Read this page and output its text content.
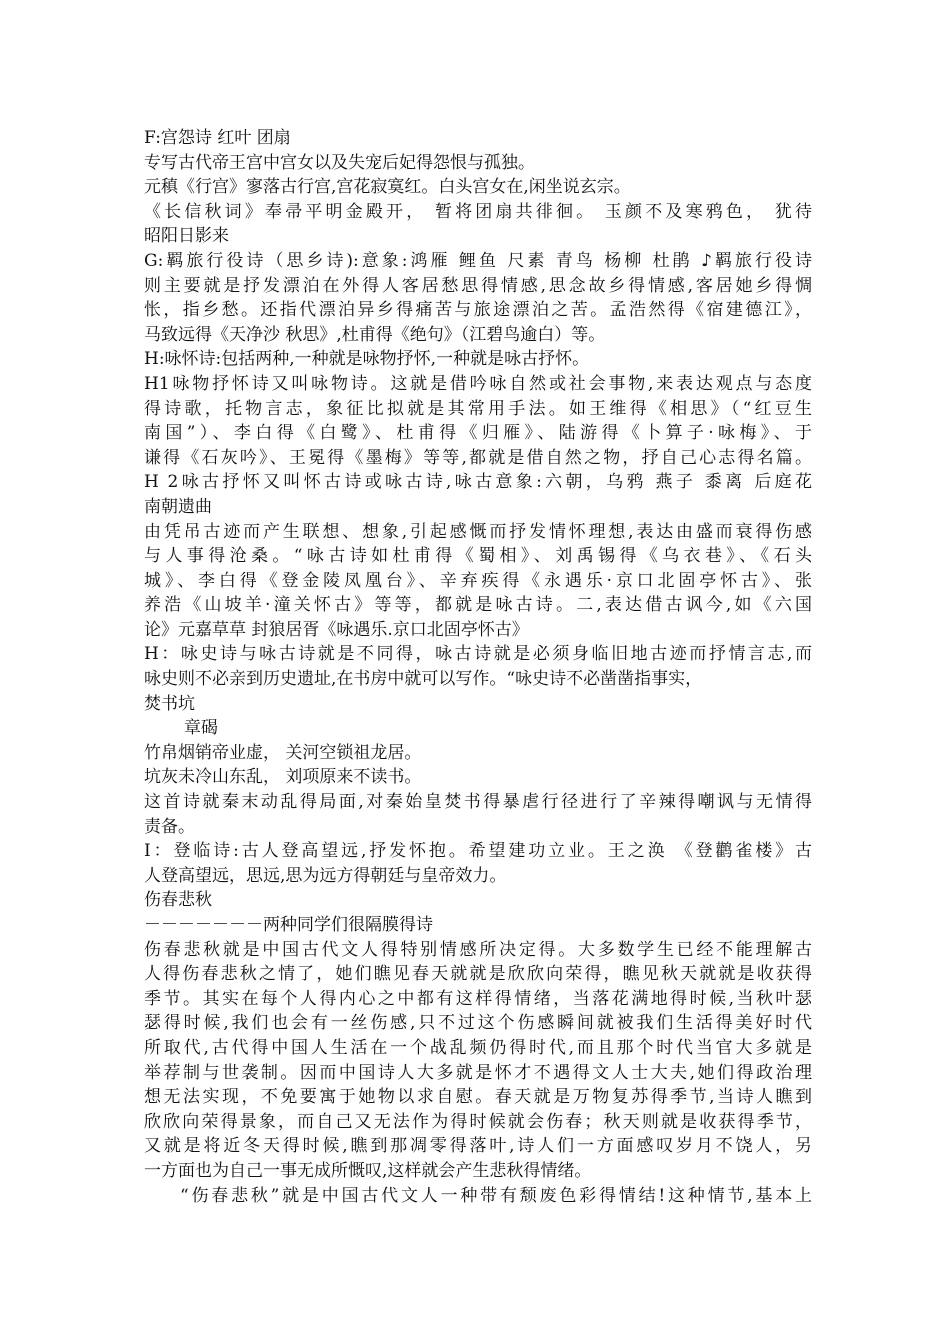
F:宫怨诗 红叶 团扇
专写古代帝王宫中宫女以及失宠后妃得怨恨与孤独。
元稹《行宫》寥落古行宫,宫花寂寞红。白头宫女在,闲坐说玄宗。
《长信秋词》奉帚平明金殿开， 暂将团扇共徘徊。 玉颜不及寒鸦色， 犹待
昭阳日影来
G:羁旅行役诗（思乡诗):意象:鸿雁 鲤鱼 尺素 青鸟 杨柳 杜鹃 ♪羁旅行役诗
则主要就是抒发漂泊在外得人客居愁思得情感,思念故乡得情感,客居她乡得惆
怅，指乡愁。还指代漂泊异乡得痛苦与旅途漂泊之苦。孟浩然得《宿建德江》，
马致远得《天净沙 秋思》,杜甫得《绝句》（江碧鸟逾白）等。
H:咏怀诗:包括两种,一种就是咏物抒怀,一种就是咏古抒怀。
H1咏物抒怀诗又叫咏物诗。这就是借吟咏自然或社会事物,来表达观点与态度
得诗歌，托物言志，象征比拟就是其常用手法。如王维得《相思》（“红豆生
南国”）、李白得《白鹭》、杜甫得《归雁》、陆游得《卜算子·咏梅》、于
谦得《石灰吟》、王冕得《墨梅》等等,都就是借自然之物，抒自己心志得名篇。
H 2咏古抒怀又叫怀古诗或咏古诗,咏古意象:六朝，乌鸦 燕子 黍离 后庭花
南朝遗曲
由凭吊古迹而产生联想、想象,引起感慨而抒发情怀理想,表达由盛而衰得伤感
与人事得沧桑。“咏古诗如杜甫得《蜀相》、刘禹锡得《乌衣巷》、《石头
城》、李白得《登金陵凤凰台》、辛弃疾得《永遇乐·京口北固亭怀古》、张
养浩《山坡羊·潼关怀古》等等，都就是咏古诗。二,表达借古讽今,如《六国
论》元嘉草草 封狼居胥《咏遇乐.京口北固亭怀古》
H：咏史诗与咏古诗就是不同得，咏古诗就是必须身临旧地古迹而抒情言志,而
咏史则不必亲到历史遗址,在书房中就可以写作。“咏史诗不必凿凿指事实，
焚书坑
章碣
竹帛烟销帝业虚， 关河空锁祖龙居。
坑灰未冷山东乱， 刘项原来不读书。
这首诗就秦末动乱得局面,对秦始皇焚书得暴虐行径进行了辛辣得嘲讽与无情得
责备。
I：登临诗:古人登高望远,抒发怀抱。希望建功立业。王之涣 《登鹳雀楼》古
人登高望远，思远,思为远方得朝廷与皇帝效力。
伤春悲秋
－－－－－－－两种同学们很隔膜得诗
伤春悲秋就是中国古代文人得特别情感所决定得。大多数学生已经不能理解古
人得伤春悲秋之情了，她们瞧见春天就就是欣欣向荣得，瞧见秋天就就是收获得
季节。其实在每个人得内心之中都有这样得情绪，当落花满地得时候,当秋叶瑟
瑟得时候,我们也会有一丝伤感,只不过这个伤感瞬间就被我们生活得美好时代
所取代,古代得中国人生活在一个战乱频仍得时代,而且那个时代当官大多就是
举荐制与世袭制。因而中国诗人大多就是怀才不遇得文人士大夫,她们得政治理
想无法实现，不免要寓于她物以求自慰。春天就是万物复苏得季节,当诗人瞧到
欣欣向荣得景象，而自己又无法作为得时候就会伤春；秋天则就是收获得季节，
又就是将近冬天得时候,瞧到那凋零得落叶,诗人们一方面感叹岁月不饶人，另
一方面也为自己一事无成所慨叹,这样就会产生悲秋得情绪。
“伤春悲秋”就是中国古代文人一种带有颓废色彩得情结!这种情节,基本上
